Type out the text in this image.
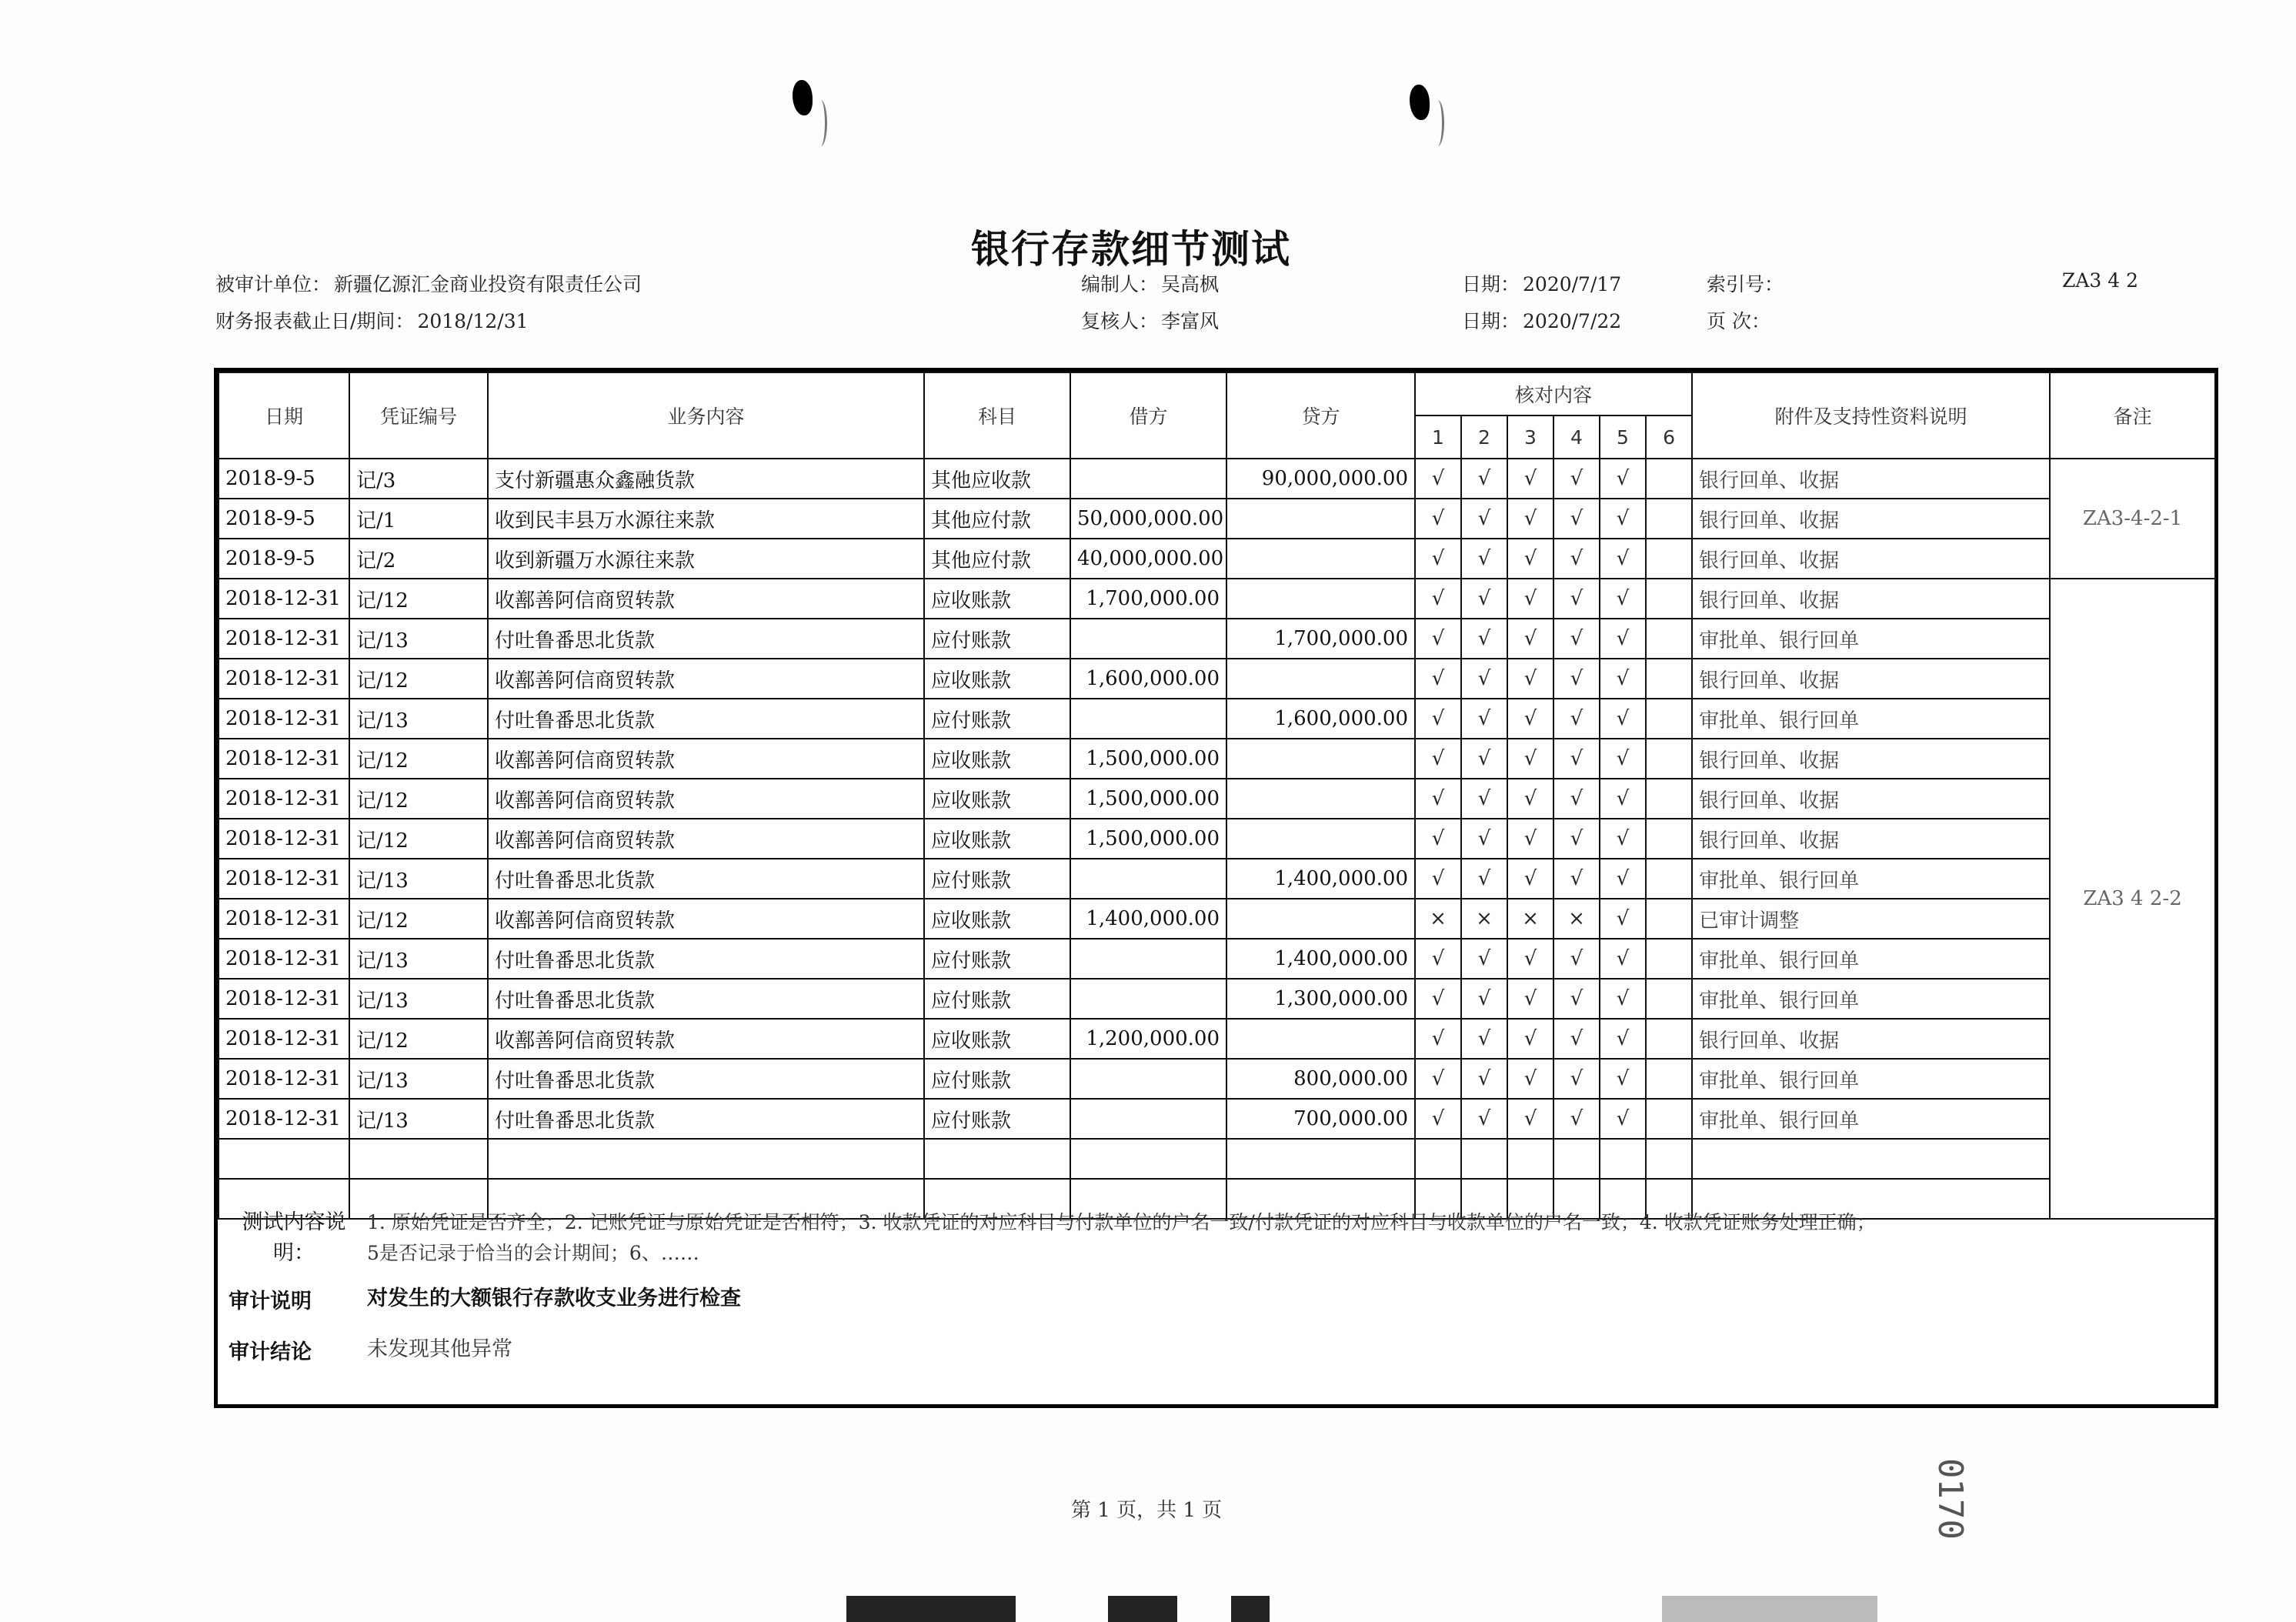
银行存款细节测试
被审计单位： 新疆亿源汇金商业投资有限责任公司
财务报表截止日/期间： 2018/12/31
编制人： 吴高枫
复核人： 李富风
日期： 2020/7/17
日期： 2020/7/22
索引号：	ZA3 4 2
页 次：
日期	凭证编号	业务内容	科目	借方	贷方	核对内容						附件及支持性资料说明	备注
						1	2	3	4	5	6		
2018-9-5	记/3	支付新疆惠众鑫融货款	其他应收款		90,000,000.00	√	√	√	√	√		银行回单、收据	ZA3-4-2-1
2018-9-5	记/1	收到民丰县万水源往来款	其他应付款	50,000,000.00		√	√	√	√	√		银行回单、收据	
2018-9-5	记/2	收到新疆万水源往来款	其他应付款	40,000,000.00		√	√	√	√	√		银行回单、收据	
2018-12-31	记/12	收鄯善阿信商贸转款	应收账款	1,700,000.00		√	√	√	√	√		银行回单、收据	ZA3 4 2-2
2018-12-31	记/13	付吐鲁番思北货款	应付账款		1,700,000.00	√	√	√	√	√		审批单、银行回单	
2018-12-31	记/12	收鄯善阿信商贸转款	应收账款	1,600,000.00		√	√	√	√	√		银行回单、收据	
2018-12-31	记/13	付吐鲁番思北货款	应付账款		1,600,000.00	√	√	√	√	√		审批单、银行回单	
2018-12-31	记/12	收鄯善阿信商贸转款	应收账款	1,500,000.00		√	√	√	√	√		银行回单、收据	
2018-12-31	记/12	收鄯善阿信商贸转款	应收账款	1,500,000.00		√	√	√	√	√		银行回单、收据	
2018-12-31	记/12	收鄯善阿信商贸转款	应收账款	1,500,000.00		√	√	√	√	√		银行回单、收据	
2018-12-31	记/13	付吐鲁番思北货款	应付账款		1,400,000.00	√	√	√	√	√		审批单、银行回单	
2018-12-31	记/12	收鄯善阿信商贸转款	应收账款	1,400,000.00		×	×	×	×	√		已审计调整	
2018-12-31	记/13	付吐鲁番思北货款	应付账款		1,400,000.00	√	√	√	√	√		审批单、银行回单	
2018-12-31	记/13	付吐鲁番思北货款	应付账款		1,300,000.00	√	√	√	√	√		审批单、银行回单	
2018-12-31	记/12	收鄯善阿信商贸转款	应收账款	1,200,000.00		√	√	√	√	√		银行回单、收据	
2018-12-31	记/13	付吐鲁番思北货款	应付账款		800,000.00	√	√	√	√	√		审批单、银行回单	
2018-12-31	记/13	付吐鲁番思北货款	应付账款		700,000.00	√	√	√	√	√		审批单、银行回单	

测试内容说
明：
1. 原始凭证是否齐全；2. 记账凭证与原始凭证是否相符；3. 收款凭证的对应科目与付款单位的户名一致/付款凭证的对应科目与收款单位的户名一致；4. 收款凭证账务处理正确；
5是否记录于恰当的会计期间；6、……
审计说明	对发生的大额银行存款收支业务进行检查
审计结论	未发现其他异常
第 1 页，共 1 页	0170
